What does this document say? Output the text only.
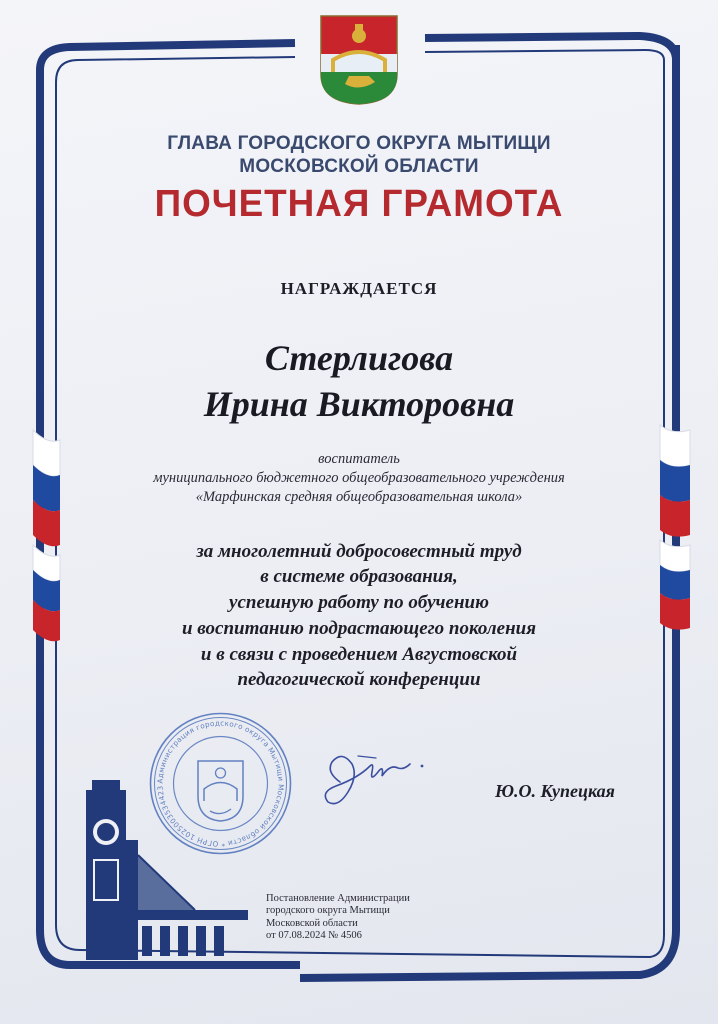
ГЛАВА ГОРОДСКОГО ОКРУГА МЫТИЩИ
МОСКОВСКОЙ ОБЛАСТИ
ПОЧЕТНАЯ ГРАМОТА
НАГРАЖДАЕТСЯ
Стерлигова
Ирина Викторовна
воспитатель
муниципального бюджетного общеобразовательного учреждения
«Марфинская средняя общеобразовательная школа»
за многолетний добросовестный труд
в системе образования,
успешную работу по обучению
и воспитанию подрастающего поколения
и в связи с проведением Августовской
педагогической конференции
Администрация городского округа Мытищи Московской области * ОГРН 1025003534423	Ю.О. Купецкая
Постановление Администрации
городского округа Мытищи
Московской области
от 07.08.2024 № 4506
